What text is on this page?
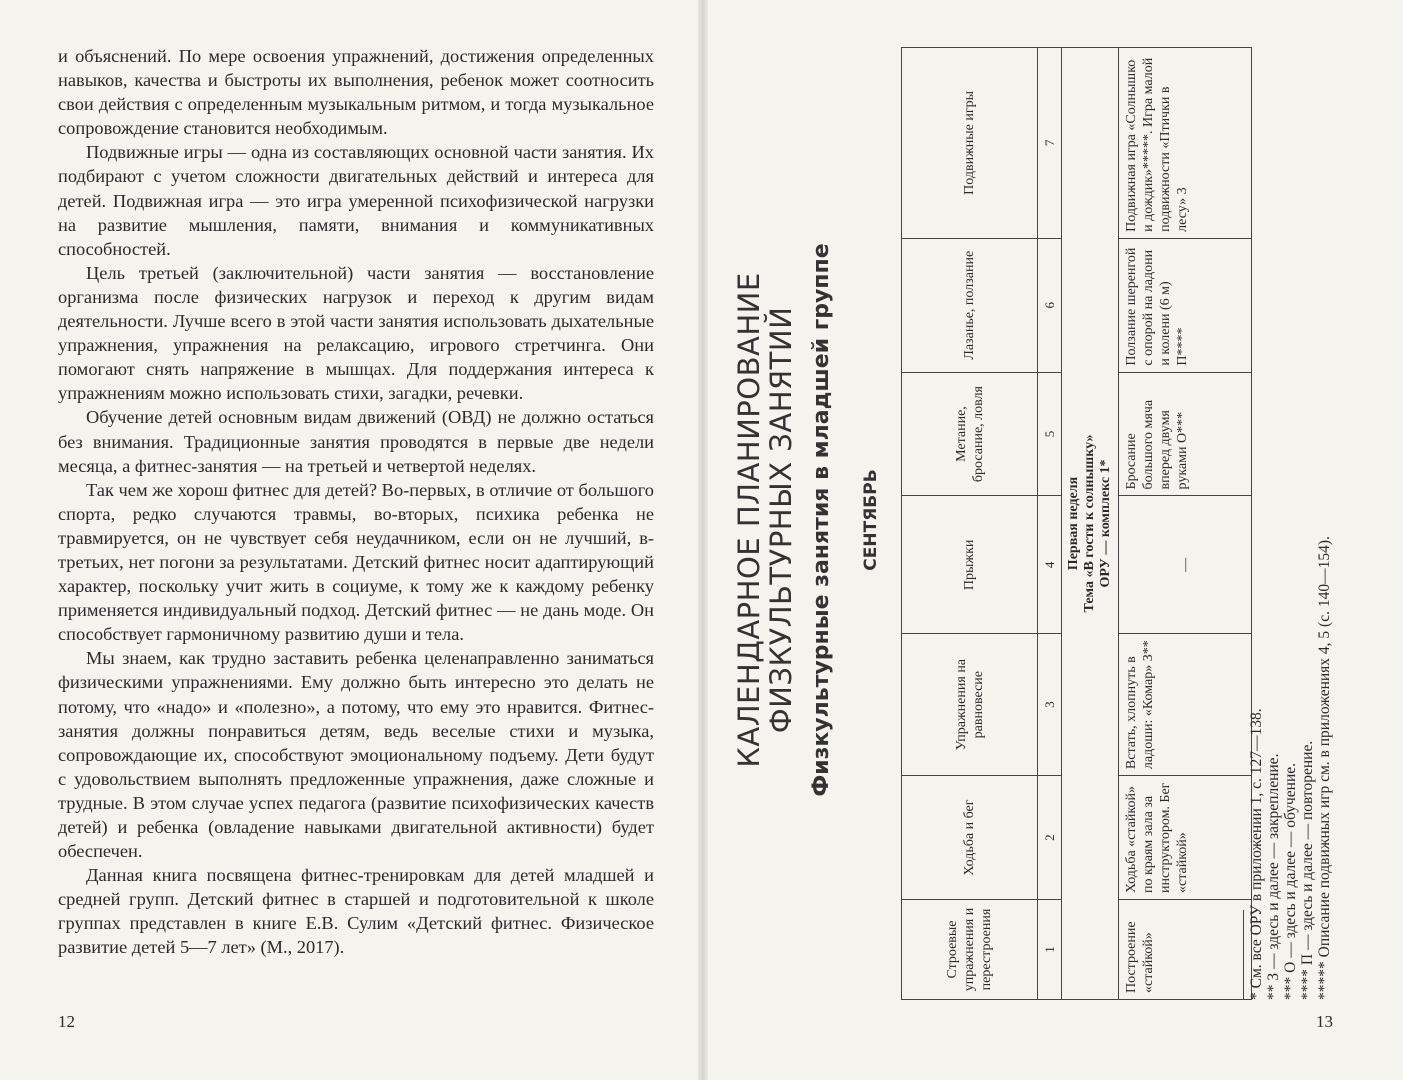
и объяснений. По мере освоения упражнений, достижения определенных навыков, качества и быстроты их выполнения, ребенок может соотносить свои действия с определенным музыкальным ритмом, и тогда музыкальное сопровождение становится необходимым.

Подвижные игры — одна из составляющих основной части занятия. Их подбирают с учетом сложности двигательных действий и интереса для детей. Подвижная игра — это игра умеренной психофизической нагрузки на развитие мышления, памяти, внимания и коммуникативных способностей.

Цель третьей (заключительной) части занятия — восстановление организма после физических нагрузок и переход к другим видам деятельности. Лучше всего в этой части занятия использовать дыхательные упражнения, упражнения на релаксацию, игрового стретчинга. Они помогают снять напряжение в мышцах. Для поддержания интереса к упражнениям можно использовать стихи, загадки, речевки.

Обучение детей основным видам движений (ОВД) не должно остаться без внимания. Традиционные занятия проводятся в первые две недели месяца, а фитнес-занятия — на третьей и четвертой неделях.

Так чем же хорош фитнес для детей? Во-первых, в отличие от большого спорта, редко случаются травмы, во-вторых, психика ребенка не травмируется, он не чувствует себя неудачником, если он не лучший, в-третьих, нет погони за результатами. Детский фитнес носит адаптирующий характер, поскольку учит жить в социуме, к тому же к каждому ребенку применяется индивидуальный подход. Детский фитнес — не дань моде. Он способствует гармоничному развитию души и тела.

Мы знаем, как трудно заставить ребенка целенаправленно заниматься физическими упражнениями. Ему должно быть интересно это делать не потому, что «надо» и «полезно», а потому, что ему это нравится. Фитнес-занятия должны понравиться детям, ведь веселые стихи и музыка, сопровождающие их, способствуют эмоциональному подъему. Дети будут с удовольствием выполнять предложенные упражнения, даже сложные и трудные. В этом случае успех педагога (развитие психофизических качеств детей) и ребенка (овладение навыками двигательной активности) будет обеспечен.

Данная книга посвящена фитнес-тренировкам для детей младшей и средней групп. Детский фитнес в старшей и подготовительной к школе группах представлен в книге Е.В. Сулим «Детский фитнес. Физическое развитие детей 5—7 лет» (М., 2017).

12
КАЛЕНДАРНОЕ ПЛАНИРОВАНИЕ
ФИЗКУЛЬТУРНЫХ ЗАНЯТИЙ Физкультурные занятия в младшей группе СЕНТЯБРЬ
Строевые упражнения и перестроения	Ходьба и бег	Упражнения на равновесие	Прыжки	Метание, бросание, ловля	Лазанье, ползание	Подвижные игры
1	2	3	4	5	6	7

Первая неделя Тема «В гости к солнышку» ОРУ — комплекс 1*						

Построение «стайкой»	Ходьба «стайкой» по краям зала за инструктором. Бег «стайкой»	Встать, хлопнуть в ладоши: «Комар» З**	—	Бросание большого мяча вперед двумя руками О***	Ползание шеренгой с опорой на ладони и колени (6 м) П****	Подвижная игра «Солнышко и дождик»*****. Игра малой подвижности «Птички в лесу» 3
* См. все ОРУ в приложении 1, с. 127—138. ** З — здесь и далее — закрепление. *** О — здесь и далее — обучение. **** П — здесь и далее — повторение. ***** Описание подвижных игр см. в приложениях 4, 5 (с. 140—154).
13
